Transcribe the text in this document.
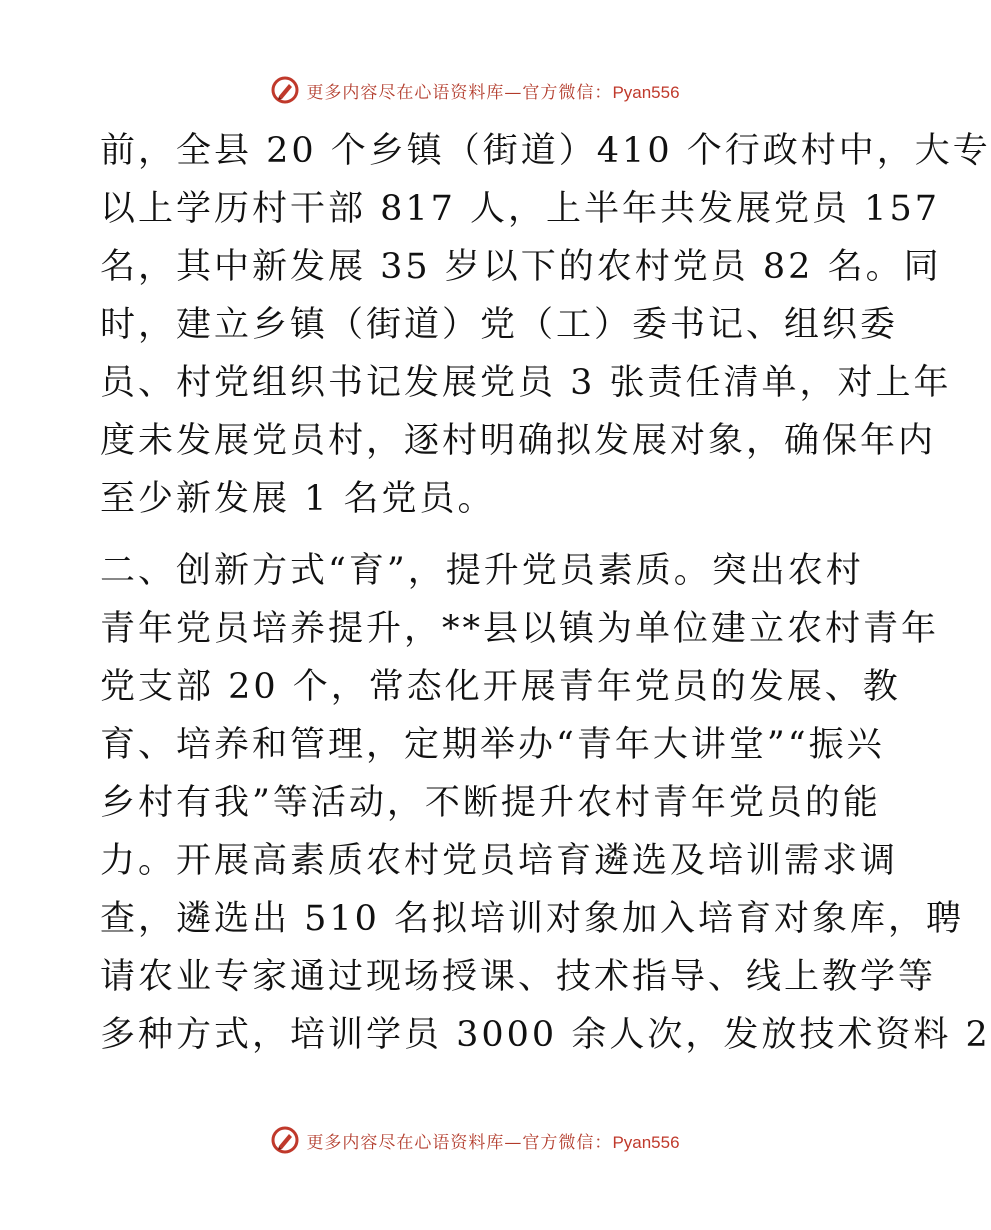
更多内容尽在心语资料库—官方微信：Pyan556
前，全县 20 个乡镇（街道）410 个行政村中，大专
以上学历村干部 817 人，上半年共发展党员 157
名，其中新发展 35 岁以下的农村党员 82 名。同
时，建立乡镇（街道）党（工）委书记、组织委
员、村党组织书记发展党员 3 张责任清单，对上年
度未发展党员村，逐村明确拟发展对象，确保年内
至少新发展 1 名党员。
二、创新方式“育”，提升党员素质。突出农村
青年党员培养提升，**县以镇为单位建立农村青年
党支部 20 个，常态化开展青年党员的发展、教
育、培养和管理，定期举办“青年大讲堂”“振兴
乡村有我”等活动，不断提升农村青年党员的能
力。开展高素质农村党员培育遴选及培训需求调
查，遴选出 510 名拟培训对象加入培育对象库，聘
请农业专家通过现场授课、技术指导、线上教学等
多种方式，培训学员 3000 余人次，发放技术资料 2
更多内容尽在心语资料库—官方微信：Pyan556
